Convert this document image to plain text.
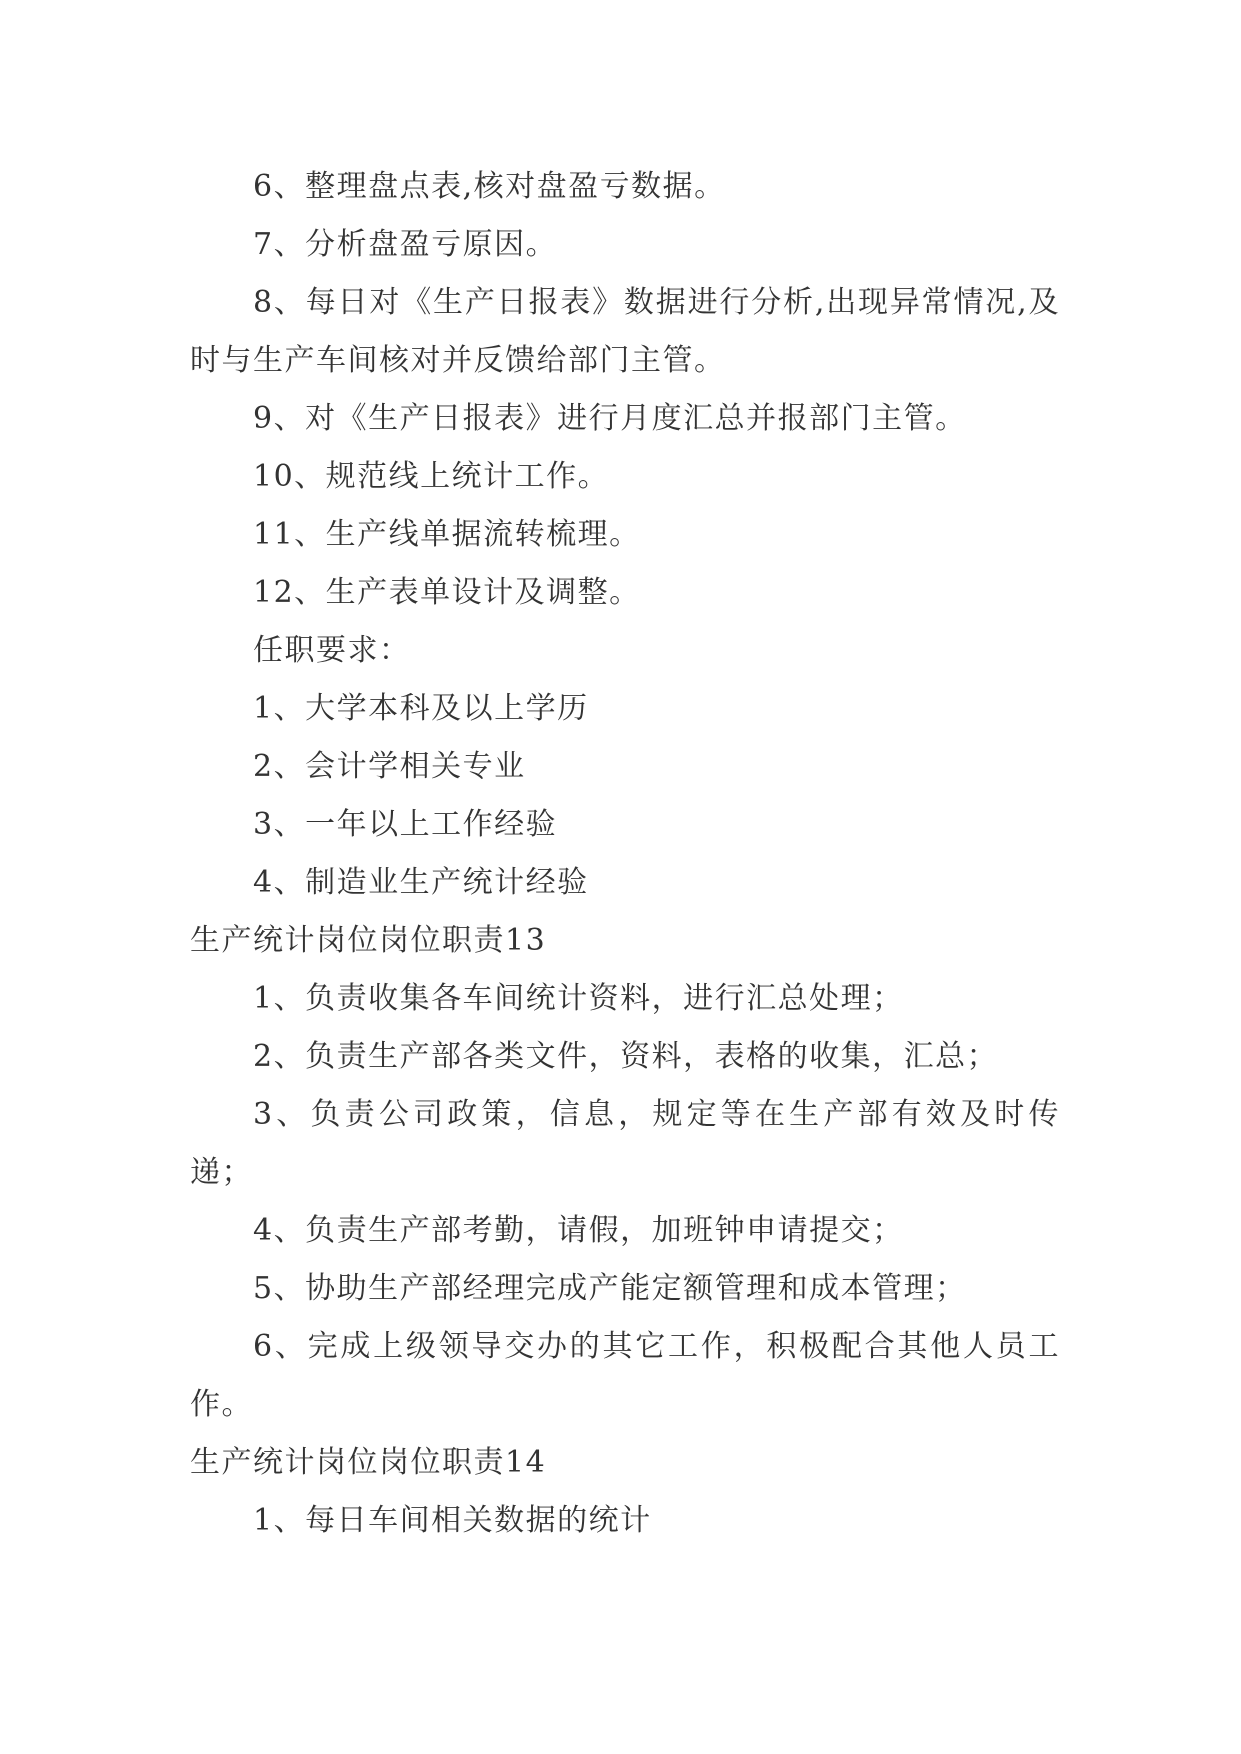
6、整理盘点表,核对盘盈亏数据。
7、分析盘盈亏原因。
8、每日对《生产日报表》数据进行分析,出现异常情况,及时与生产车间核对并反馈给部门主管。
9、对《生产日报表》进行月度汇总并报部门主管。
10、规范线上统计工作。
11、生产线单据流转梳理。
12、生产表单设计及调整。
任职要求：
1、大学本科及以上学历
2、会计学相关专业
3、一年以上工作经验
4、制造业生产统计经验
生产统计岗位岗位职责13
1、负责收集各车间统计资料，进行汇总处理；
2、负责生产部各类文件，资料，表格的收集，汇总；
3、负责公司政策，信息，规定等在生产部有效及时传递；
4、负责生产部考勤，请假，加班钟申请提交；
5、协助生产部经理完成产能定额管理和成本管理；
6、完成上级领导交办的其它工作，积极配合其他人员工作。
生产统计岗位岗位职责14
1、每日车间相关数据的统计
